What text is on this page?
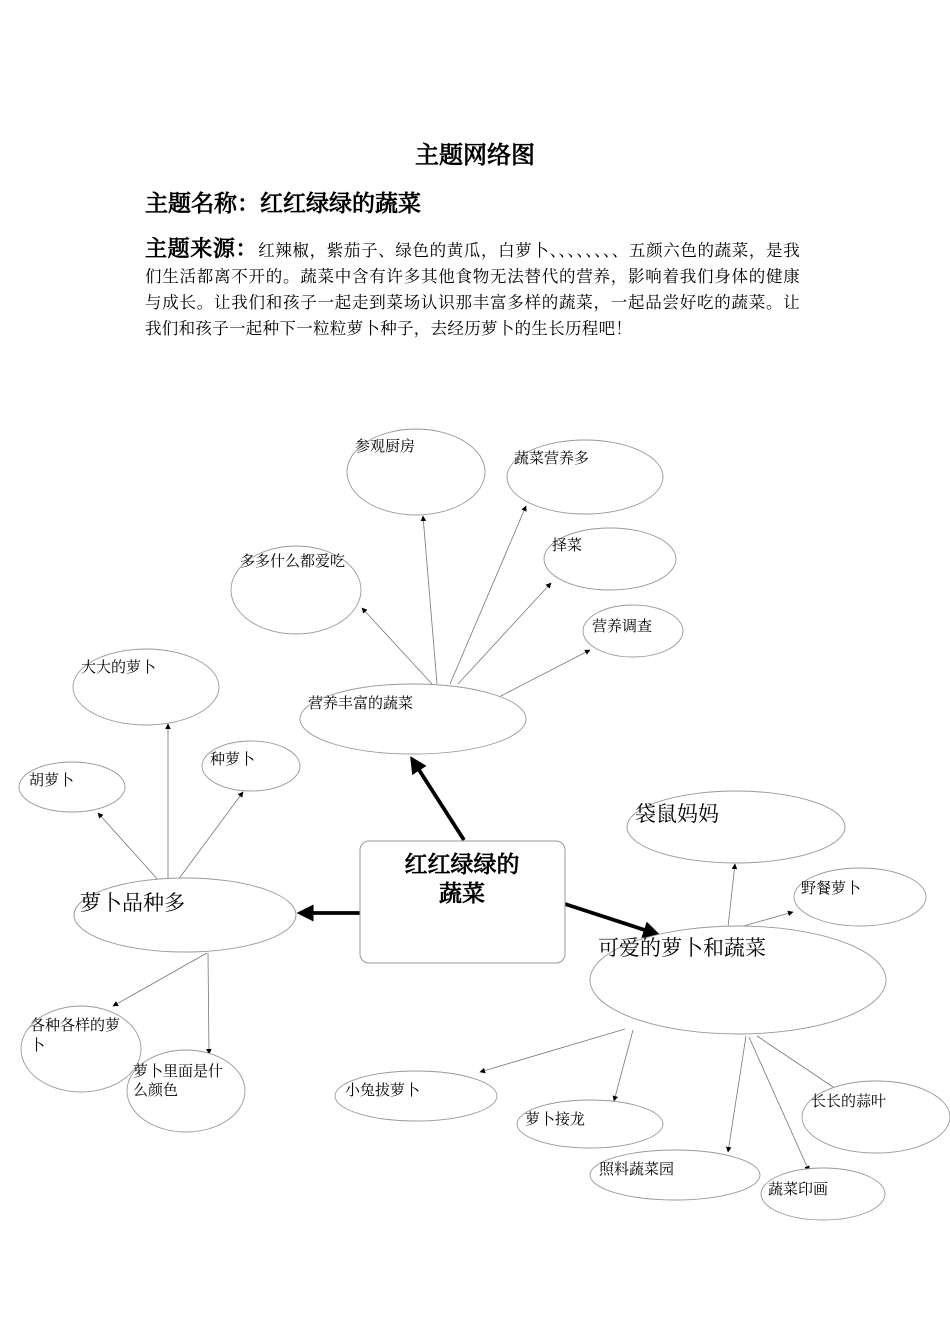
主题网络图
主题名称：红红绿绿的蔬菜
主题来源：红辣椒，紫茄子、绿色的黄瓜，白萝卜、、、、、、、、五颜六色的蔬菜，是我们生活都离不开的。蔬菜中含有许多其他食物无法替代的营养，影响着我们身体的健康与成长。让我们和孩子一起走到菜场认识那丰富多样的蔬菜，一起品尝好吃的蔬菜。让我们和孩子一起种下一粒粒萝卜种子，去经历萝卜的生长历程吧！
红红绿绿的
蔬菜
营养丰富的蔬菜
参观厨房
蔬菜营养多
多多什么都爱吃
择菜
营养调查
萝卜品种多
大大的萝卜
种萝卜
胡萝卜
各种各样的萝
卜
萝卜里面是什
么颜色
可爱的萝卜和蔬菜
袋鼠妈妈
野餐萝卜
小兔拔萝卜
萝卜接龙
照料蔬菜园
蔬菜印画
长长的蒜叶
